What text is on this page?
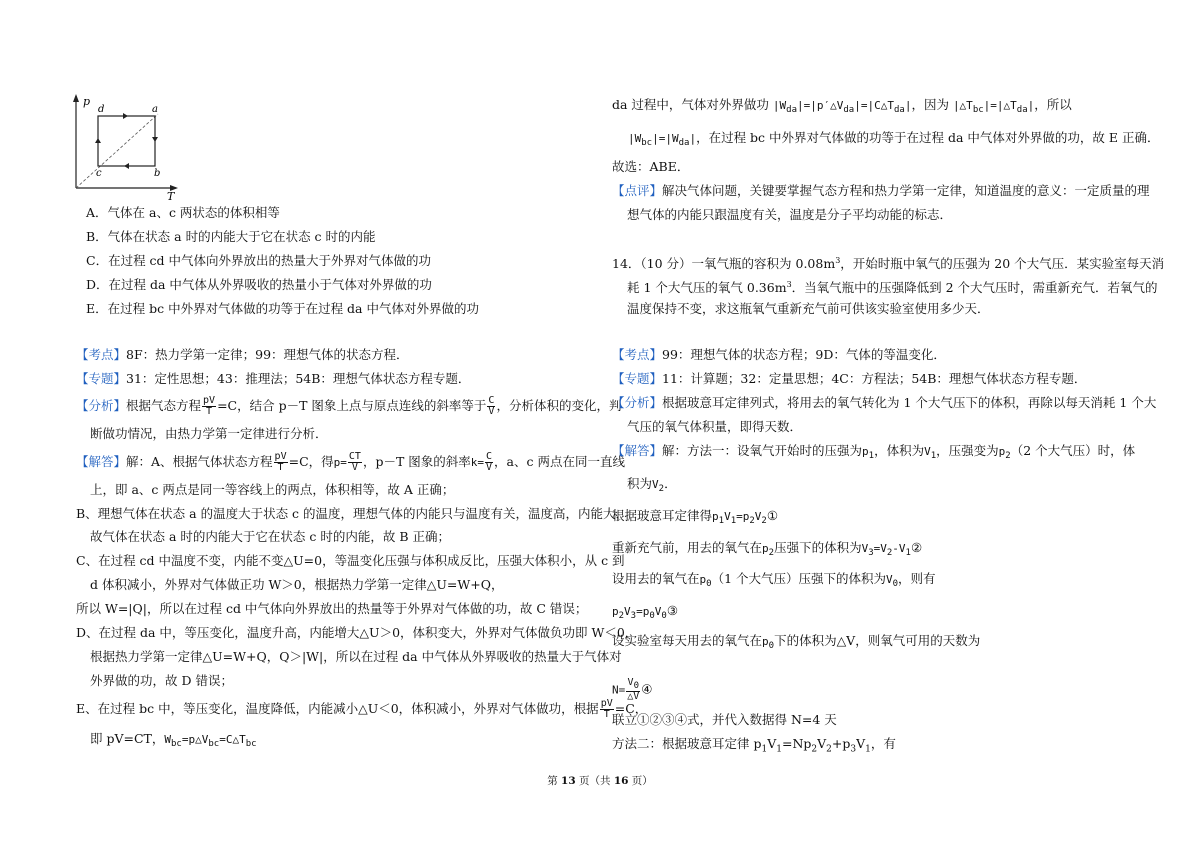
p
T
d	a
c	b
A．气体在 a、c 两状态的体积相等
B．气体在状态 a 时的内能大于它在状态 c 时的内能
C．在过程 cd 中气体向外界放出的热量大于外界对气体做的功
D．在过程 da 中气体从外界吸收的热量小于气体对外界做的功
E．在过程 bc 中外界对气体做的功等于在过程 da 中气体对外界做的功
【考点】8F：热力学第一定律；99：理想气体的状态方程．
【专题】31：定性思想；43：推理法；54B：理想气体状态方程专题．
【分析】根据气态方程 $\frac{pV}{T} =C$，结合 p－T 图象上点与原点连线的斜率等于 $\frac{C}{V}$ ，分析体积的变化，判
断做功情况，由热力学第一定律进行分析．
【解答】解：A、根据气体状态方程 $\frac{pV}{T} =C$，得$p= \frac{CT}{V}$ ，p－T 图象的斜率$k= \frac{C}{V}$ ，a、c 两点在同一直线
上，即 a、c 两点是同一等容线上的两点，体积相等，故 A 正确；
B、理想气体在状态 a 的温度大于状态 c 的温度，理想气体的内能只与温度有关，温度高，内能大，
故气体在状态 a 时的内能大于它在状态 c 时的内能，故 B 正确；
C、在过程 cd 中温度不变，内能不变△U=0，等温变化压强与体积成反比，压强大体积小，从 c 到
d 体积减小，外界对气体做正功 W＞0，根据热力学第一定律△U=W+Q，
所以 W=|Q|，所以在过程 cd 中气体向外界放出的热量等于外界对气体做的功，故 C 错误；
D、在过程 da 中，等压变化，温度升高，内能增大△U＞0，体积变大，外界对气体做负功即 W＜0，
根据热力学第一定律△U=W+Q，Q＞|W|，所以在过程 da 中气体从外界吸收的热量大于气体对
外界做的功，故 D 错误；
E、在过程 bc 中，等压变化，温度降低，内能减小△U＜0，体积减小，外界对气体做功，根据 $\frac{pV}{T} =C$，
即 pV=CT，$W_{bc}=p\triangle V_{bc}=C\triangle T_{bc}$
da 过程中，气体对外界做功 $|W_{da}|=|p'\triangle V_{da}|=|C\triangle T_{da}|$，因为 $|\triangle T_{bc}|=|\triangle T_{da}|$，所以
$|W_{bc}|=|W_{da}|$，在过程 bc 中外界对气体做的功等于在过程 da 中气体对外界做的功，故 E 正确．
故选：ABE．
【点评】解决气体问题，关键要掌握气态方程和热力学第一定律，知道温度的意义：一定质量的理
想气体的内能只跟温度有关，温度是分子平均动能的标志．
14．（10 分）一氧气瓶的容积为 $0.08m^3$，开始时瓶中氧气的压强为 20 个大气压．某实验室每天消
耗 1 个大气压的氧气 $0.36m^3$．当氧气瓶中的压强降低到 2 个大气压时，需重新充气．若氧气的
温度保持不变，求这瓶氧气重新充气前可供该实验室使用多少天．
【考点】99：理想气体的状态方程；9D：气体的等温变化．
【专题】11：计算题；32：定量思想；4C：方程法；54B：理想气体状态方程专题．
【分析】根据玻意耳定律列式，将用去的氧气转化为 1 个大气压下的体积，再除以每天消耗 1 个大
气压的氧气体积量，即得天数．
【解答】解：方法一：设氧气开始时的压强为$p_1$，体积为$V_1$，压强变为$p_2(2$ 个大气压）时，体
积为$V_2$．
根据玻意耳定律得$p_1V_1=p_2V_2①$
重新充气前，用去的氧气在$p_2$压强下的体积为$V_3=V_2-V_1②$
设用去的氧气在$p_0(1$ 个大气压）压强下的体积为$V_0$，则有
$p_2V_3=p_0V_0③$
设实验室每天用去的氧气在$p_0$下的体积为△V，则氧气可用的天数为
$N= \frac{V_0}{\triangle V}$ ④
联立①②③④式，并代入数据得 N=4 天
方法二：根据玻意耳定律 $p_1V_1=Np_2V_2+p_3V_1$，有
第 13 页（共 16 页）
